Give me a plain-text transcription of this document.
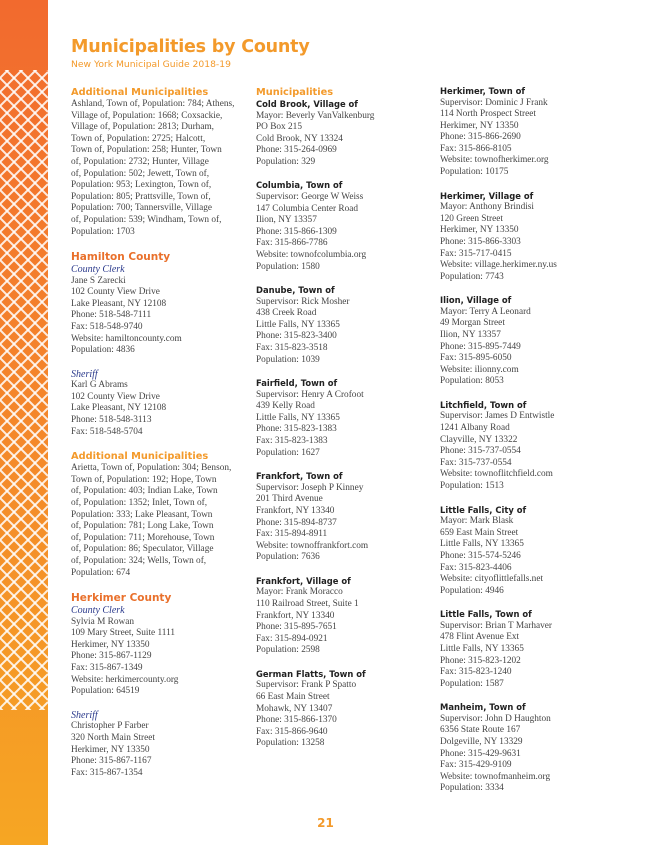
Municipalities by County
New York Municipal Guide 2018-19
Additional Municipalities
Ashland, Town of, Population: 784; Athens,
Village of, Population: 1668; Coxsackie,
Village of, Population: 2813; Durham,
Town of, Population: 2725; Halcott,
Town of, Population: 258; Hunter, Town
of, Population: 2732; Hunter, Village
of, Population: 502; Jewett, Town of,
Population: 953; Lexington, Town of,
Population: 805; Prattsville, Town of,
Population: 700; Tannersville, Village
of, Population: 539; Windham, Town of,
Population: 1703
Hamilton County
County Clerk
Jane S Zarecki
102 County View Drive
Lake Pleasant, NY 12108
Phone: 518-548-7111
Fax: 518-548-9740
Website: hamiltoncounty.com
Population: 4836
Sheriff
Karl G Abrams
102 County View Drive
Lake Pleasant, NY 12108
Phone: 518-548-3113
Fax: 518-548-5704
Additional Municipalities
Arietta, Town of, Population: 304; Benson,
Town of, Population: 192; Hope, Town
of, Population: 403; Indian Lake, Town
of, Population: 1352; Inlet, Town of,
Population: 333; Lake Pleasant, Town
of, Population: 781; Long Lake, Town
of, Population: 711; Morehouse, Town
of, Population: 86; Speculator, Village
of, Population: 324; Wells, Town of,
Population: 674
Herkimer County
County Clerk
Sylvia M Rowan
109 Mary Street, Suite 1111
Herkimer, NY 13350
Phone: 315-867-1129
Fax: 315-867-1349
Website: herkimercounty.org
Population: 64519
Sheriff
Christopher P Farber
320 North Main Street
Herkimer, NY 13350
Phone: 315-867-1167
Fax: 315-867-1354
Municipalities
Cold Brook, Village of
Mayor: Beverly VanValkenburg
PO Box 215
Cold Brook, NY 13324
Phone: 315-264-0969
Population: 329
Columbia, Town of
Supervisor: George W Weiss
147 Columbia Center Road
Ilion, NY 13357
Phone: 315-866-1309
Fax: 315-866-7786
Website: townofcolumbia.org
Population: 1580
Danube, Town of
Supervisor: Rick Mosher
438 Creek Road
Little Falls, NY 13365
Phone: 315-823-3400
Fax: 315-823-3518
Population: 1039
Fairfield, Town of
Supervisor: Henry A Crofoot
439 Kelly Road
Little Falls, NY 13365
Phone: 315-823-1383
Fax: 315-823-1383
Population: 1627
Frankfort, Town of
Supervisor: Joseph P Kinney
201 Third Avenue
Frankfort, NY 13340
Phone: 315-894-8737
Fax: 315-894-8911
Website: townoffrankfort.com
Population: 7636
Frankfort, Village of
Mayor: Frank Moracco
110 Railroad Street, Suite 1
Frankfort, NY 13340
Phone: 315-895-7651
Fax: 315-894-0921
Population: 2598
German Flatts, Town of
Supervisor: Frank P Spatto
66 East Main Street
Mohawk, NY 13407
Phone: 315-866-1370
Fax: 315-866-9640
Population: 13258
Herkimer, Town of
Supervisor: Dominic J Frank
114 North Prospect Street
Herkimer, NY 13350
Phone: 315-866-2690
Fax: 315-866-8105
Website: townofherkimer.org
Population: 10175
Herkimer, Village of
Mayor: Anthony Brindisi
120 Green Street
Herkimer, NY 13350
Phone: 315-866-3303
Fax: 315-717-0415
Website: village.herkimer.ny.us
Population: 7743
Ilion, Village of
Mayor: Terry A Leonard
49 Morgan Street
Ilion, NY 13357
Phone: 315-895-7449
Fax: 315-895-6050
Website: ilionny.com
Population: 8053
Litchfield, Town of
Supervisor: James D Entwistle
1241 Albany Road
Clayville, NY 13322
Phone: 315-737-0554
Fax: 315-737-0554
Website: townoflitchfield.com
Population: 1513
Little Falls, City of
Mayor: Mark Blask
659 East Main Street
Little Falls, NY 13365
Phone: 315-574-5246
Fax: 315-823-4406
Website: cityoflittlefalls.net
Population: 4946
Little Falls, Town of
Supervisor: Brian T Marhaver
478 Flint Avenue Ext
Little Falls, NY 13365
Phone: 315-823-1202
Fax: 315-823-1240
Population: 1587
Manheim, Town of
Supervisor: John D Haughton
6356 State Route 167
Dolgeville, NY 13329
Phone: 315-429-9631
Fax: 315-429-9109
Website: townofmanheim.org
Population: 3334
21
